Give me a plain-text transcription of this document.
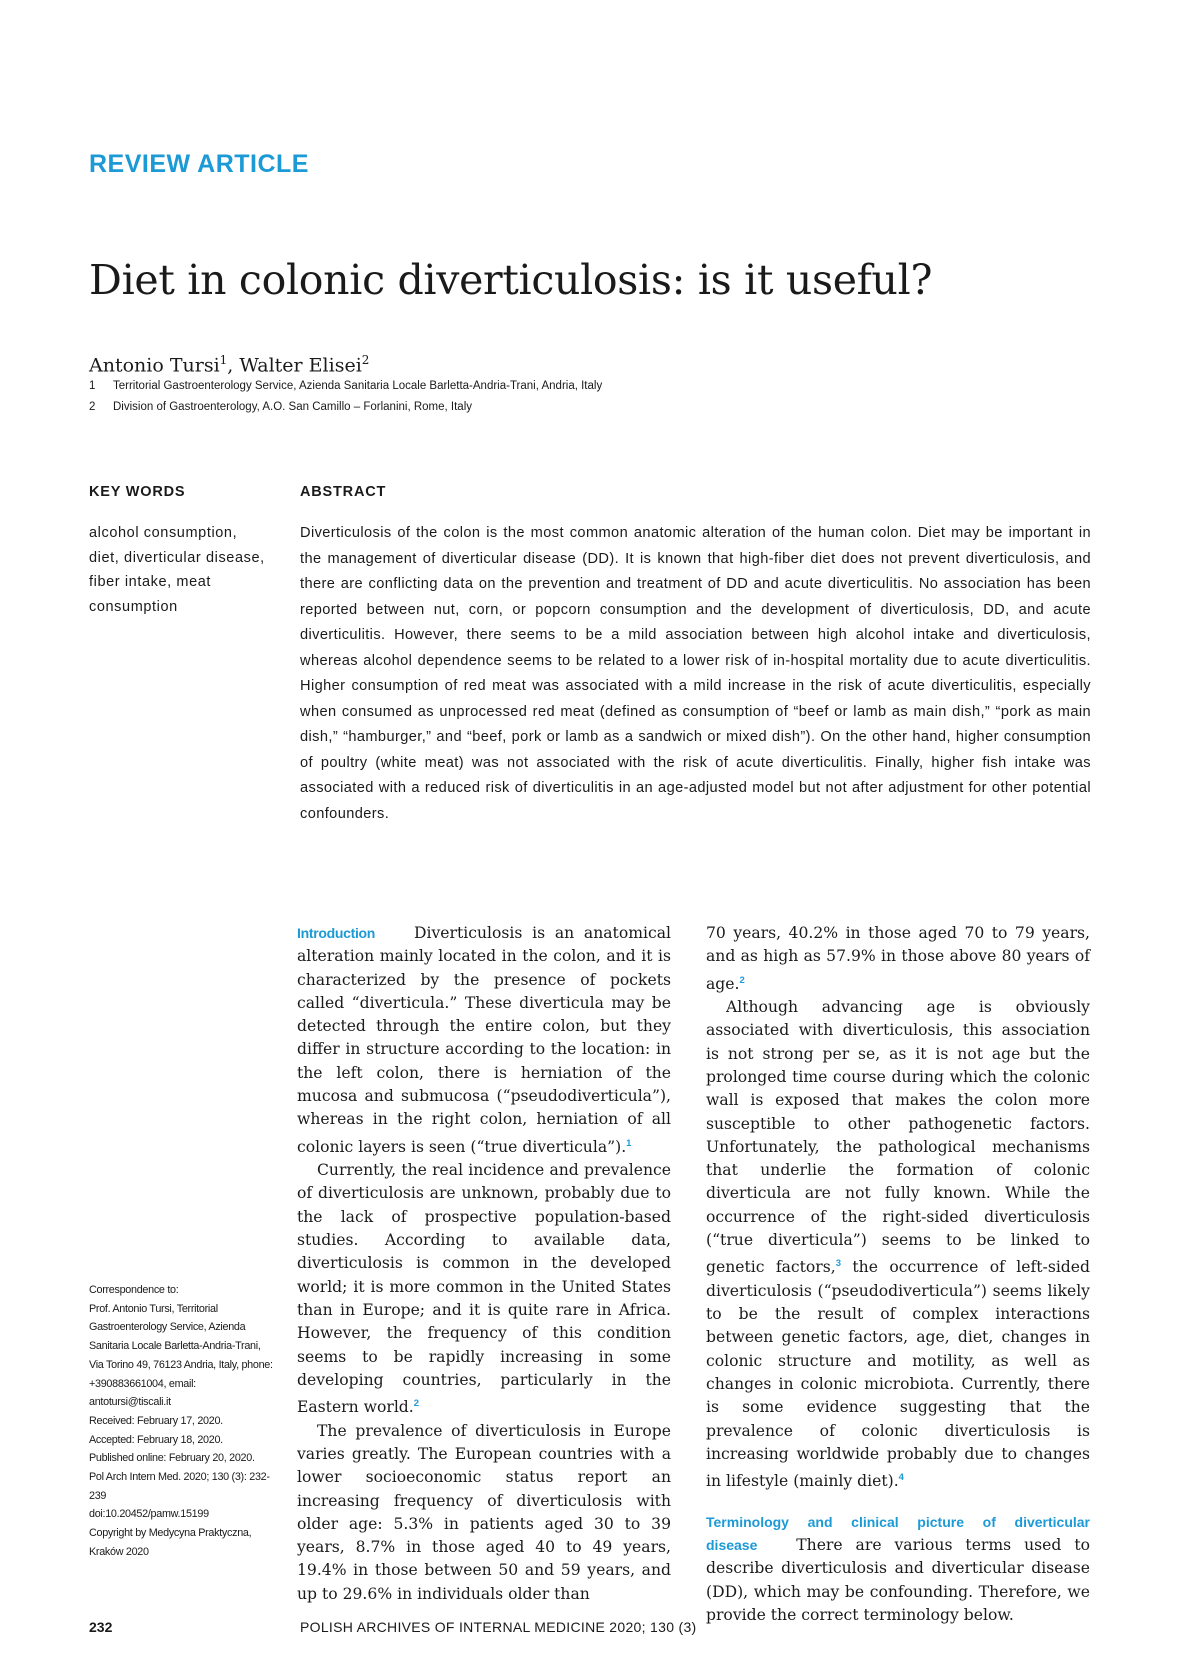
REVIEW ARTICLE
Diet in colonic diverticulosis: is it useful?
Antonio Tursi$^1$, Walter Elisei$^2$
1 Territorial Gastroenterology Service, Azienda Sanitaria Locale Barletta-Andria-Trani, Andria, Italy
2 Division of Gastroenterology, A.O. San Camillo – Forlanini, Rome, Italy
KEY WORDS
alcohol consumption, diet, diverticular disease, fiber intake, meat consumption
ABSTRACT

Diverticulosis of the colon is the most common anatomic alteration of the human colon. Diet may be important in the management of diverticular disease (DD). It is known that high-fiber diet does not prevent diverticulosis, and there are conflicting data on the prevention and treatment of DD and acute diverticulitis. No association has been reported between nut, corn, or popcorn consumption and the development of diverticulosis, DD, and acute diverticulitis. However, there seems to be a mild association between high alcohol intake and diverticulosis, whereas alcohol dependence seems to be related to a lower risk of in-hospital mortality due to acute diverticulitis. Higher consumption of red meat was associated with a mild increase in the risk of acute diverticulitis, especially when consumed as unprocessed red meat (defined as consumption of “beef or lamb as main dish,” “pork as main dish,” “hamburger,” and “beef, pork or lamb as a sandwich or mixed dish”). On the other hand, higher consumption of poultry (white meat) was not associated with the risk of acute diverticulitis. Finally, higher fish intake was associated with a reduced risk of diverticulitis in an age-adjusted model but not after adjustment for other potential confounders.

Introduction Diverticulosis is an anatomical alteration mainly located in the colon, and it is characterized by the presence of pockets called “diverticula.” These diverticula may be detected through the entire colon, but they differ in structure according to the location: in the left colon, there is herniation of the mucosa and submucosa (“pseudodiverticula”), whereas in the right colon, herniation of all colonic layers is seen (“true diverticula”).$^1$

Currently, the real incidence and prevalence of diverticulosis are unknown, probably due to the lack of prospective population-based studies. According to available data, diverticulosis is common in the developed world; it is more common in the United States than in Europe; and it is quite rare in Africa. However, the frequency of this condition seems to be rapidly increasing in some developing countries, particularly in the Eastern world.$^2$

The prevalence of diverticulosis in Europe varies greatly. The European countries with a lower socioeconomic status report an increasing frequency of diverticulosis with older age: 5.3% in patients aged 30 to 39 years, 8.7% in those aged 40 to 49 years, 19.4% in those between 50 and 59 years, and up to 29.6% in individuals older than

70 years, 40.2% in those aged 70 to 79 years, and as high as 57.9% in those above 80 years of age.$^2$

Although advancing age is obviously associated with diverticulosis, this association is not strong per se, as it is not age but the prolonged time course during which the colonic wall is exposed that makes the colon more susceptible to other pathogenetic factors. Unfortunately, the pathological mechanisms that underlie the formation of colonic diverticula are not fully known. While the occurrence of the right-sided diverticulosis (“true diverticula”) seems to be linked to genetic factors,$^3$ the occurrence of left-sided diverticulosis (“pseudodiverticula”) seems likely to be the result of complex interactions between genetic factors, age, diet, changes in colonic structure and motility, as well as changes in colonic microbiota. Currently, there is some evidence suggesting that the prevalence of colonic diverticulosis is increasing worldwide probably due to changes in lifestyle (mainly diet).$^4$

Terminology and clinical picture of diverticular disease There are various terms used to describe diverticulosis and diverticular disease (DD), which may be confounding. Therefore, we provide the correct terminology below.

Correspondence to:
Prof. Antonio Tursi, Territorial Gastroenterology Service, Azienda Sanitaria Locale Barletta-Andria-Trani, Via Torino 49, 76123 Andria, Italy, phone: +390883661004, email: antotursi@tiscali.it
Received: February 17, 2020.
Accepted: February 18, 2020.
Published online: February 20, 2020.
Pol Arch Intern Med. 2020; 130 (3): 232-239
doi:10.20452/pamw.15199
Copyright by Medycyna Praktyczna, Kraków 2020
232	POLISH ARCHIVES OF INTERNAL MEDICINE 2020; 130 (3)
